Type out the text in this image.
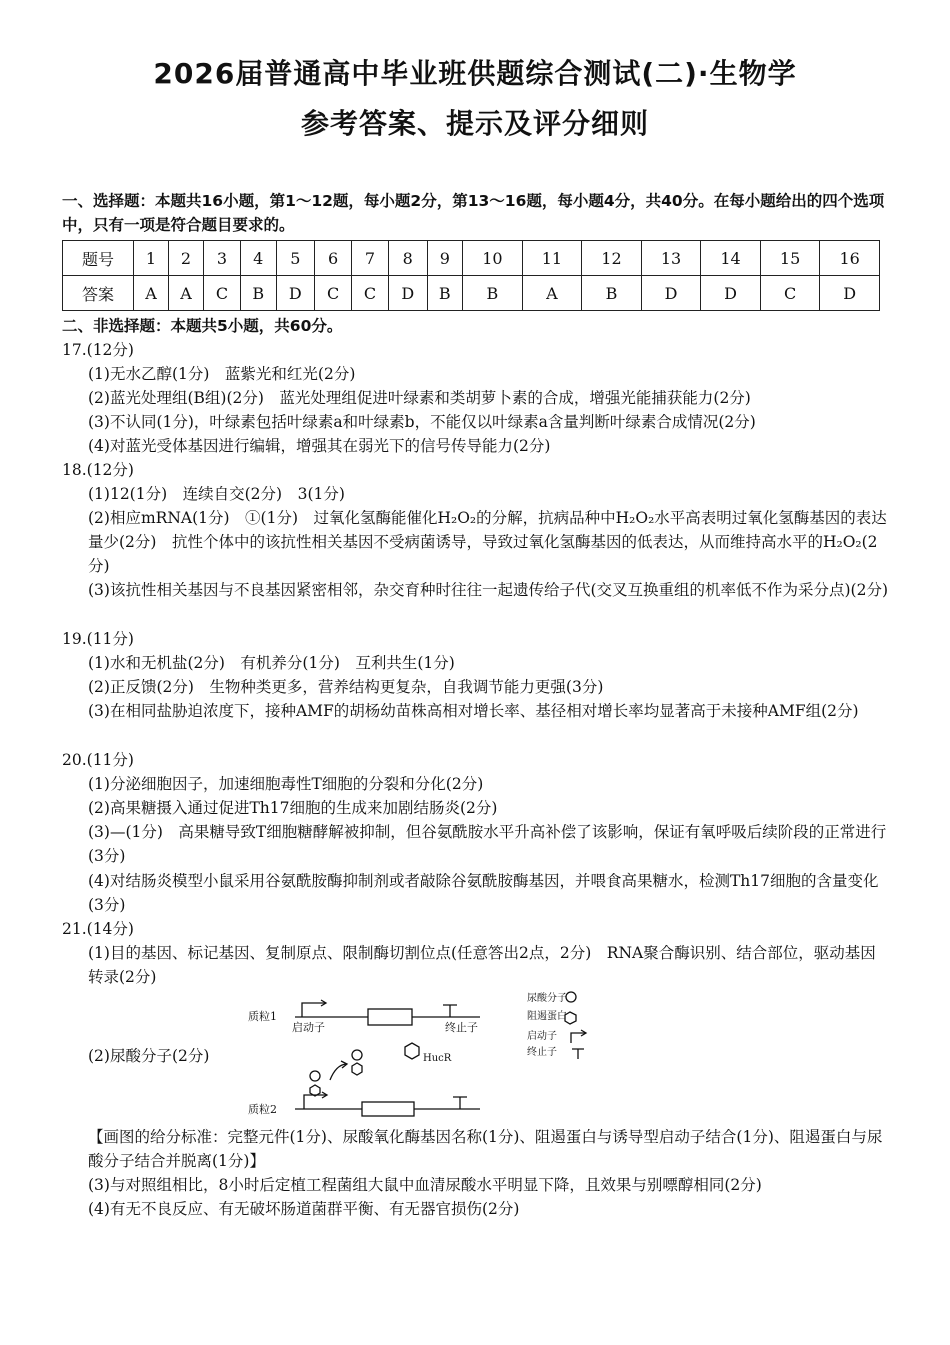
2026届普通高中毕业班供题综合测试(二)·生物学
参考答案、提示及评分细则
一、选择题：本题共16小题，第1～12题，每小题2分，第13～16题，每小题4分，共40分。在每小题给出的四个选项中，只有一项是符合题目要求的。
题号	1	2	3	4	5	6	7	8	9	10	11	12	13	14	15	16
答案	A	A	C	B	D	C	C	D	B	B	A	B	D	D	C	D
二、非选择题：本题共5小题，共60分。
17.(12分)
(1)无水乙醇(1分)　蓝紫光和红光(2分)
(2)蓝光处理组(B组)(2分)　蓝光处理组促进叶绿素和类胡萝卜素的合成，增强光能捕获能力(2分)
(3)不认同(1分)，叶绿素包括叶绿素a和叶绿素b，不能仅以叶绿素a含量判断叶绿素合成情况(2分)
(4)对蓝光受体基因进行编辑，增强其在弱光下的信号传导能力(2分)
18.(12分)
(1)12(1分)　连续自交(2分)　3(1分)
(2)相应mRNA(1分)　①(1分)　过氧化氢酶能催化H₂O₂的分解，抗病品种中H₂O₂水平高表明过氧化氢酶基因的表达量少(2分)　抗性个体中的该抗性相关基因不受病菌诱导，导致过氧化氢酶基因的低表达，从而维持高水平的H₂O₂(2分)
(3)该抗性相关基因与不良基因紧密相邻，杂交育种时往往一起遗传给子代(交叉互换重组的机率低不作为采分点)(2分)
19.(11分)
(1)水和无机盐(2分)　有机养分(1分)　互利共生(1分)
(2)正反馈(2分)　生物种类更多，营养结构更复杂，自我调节能力更强(3分)
(3)在相同盐胁迫浓度下，接种AMF的胡杨幼苗株高相对增长率、基径相对增长率均显著高于未接种AMF组(2分)
20.(11分)
(1)分泌细胞因子，加速细胞毒性T细胞的分裂和分化(2分)
(2)高果糖摄入通过促进Th17细胞的生成来加剧结肠炎(2分)
(3)—(1分)　高果糖导致T细胞糖酵解被抑制，但谷氨酰胺水平升高补偿了该影响，保证有氧呼吸后续阶段的正常进行(3分)
(4)对结肠炎模型小鼠采用谷氨酰胺酶抑制剂或者敲除谷氨酰胺酶基因，并喂食高果糖水，检测Th17细胞的含量变化(3分)
21.(14分)
(1)目的基因、标记基因、复制原点、限制酶切割位点(任意答出2点，2分)　RNA聚合酶识别、结合部位，驱动基因转录(2分)
(2)尿酸分子(2分)
质粒1
质粒2
启动子	终止子
HucR
尿酸分子
阻遏蛋白
启动子
终止子
【画图的给分标准：完整元件(1分)、尿酸氧化酶基因名称(1分)、阻遏蛋白与诱导型启动子结合(1分)、阻遏蛋白与尿酸分子结合并脱离(1分)】
(3)与对照组相比，8小时后定植工程菌组大鼠中血清尿酸水平明显下降，且效果与别嘌醇相同(2分)
(4)有无不良反应、有无破坏肠道菌群平衡、有无器官损伤(2分)
